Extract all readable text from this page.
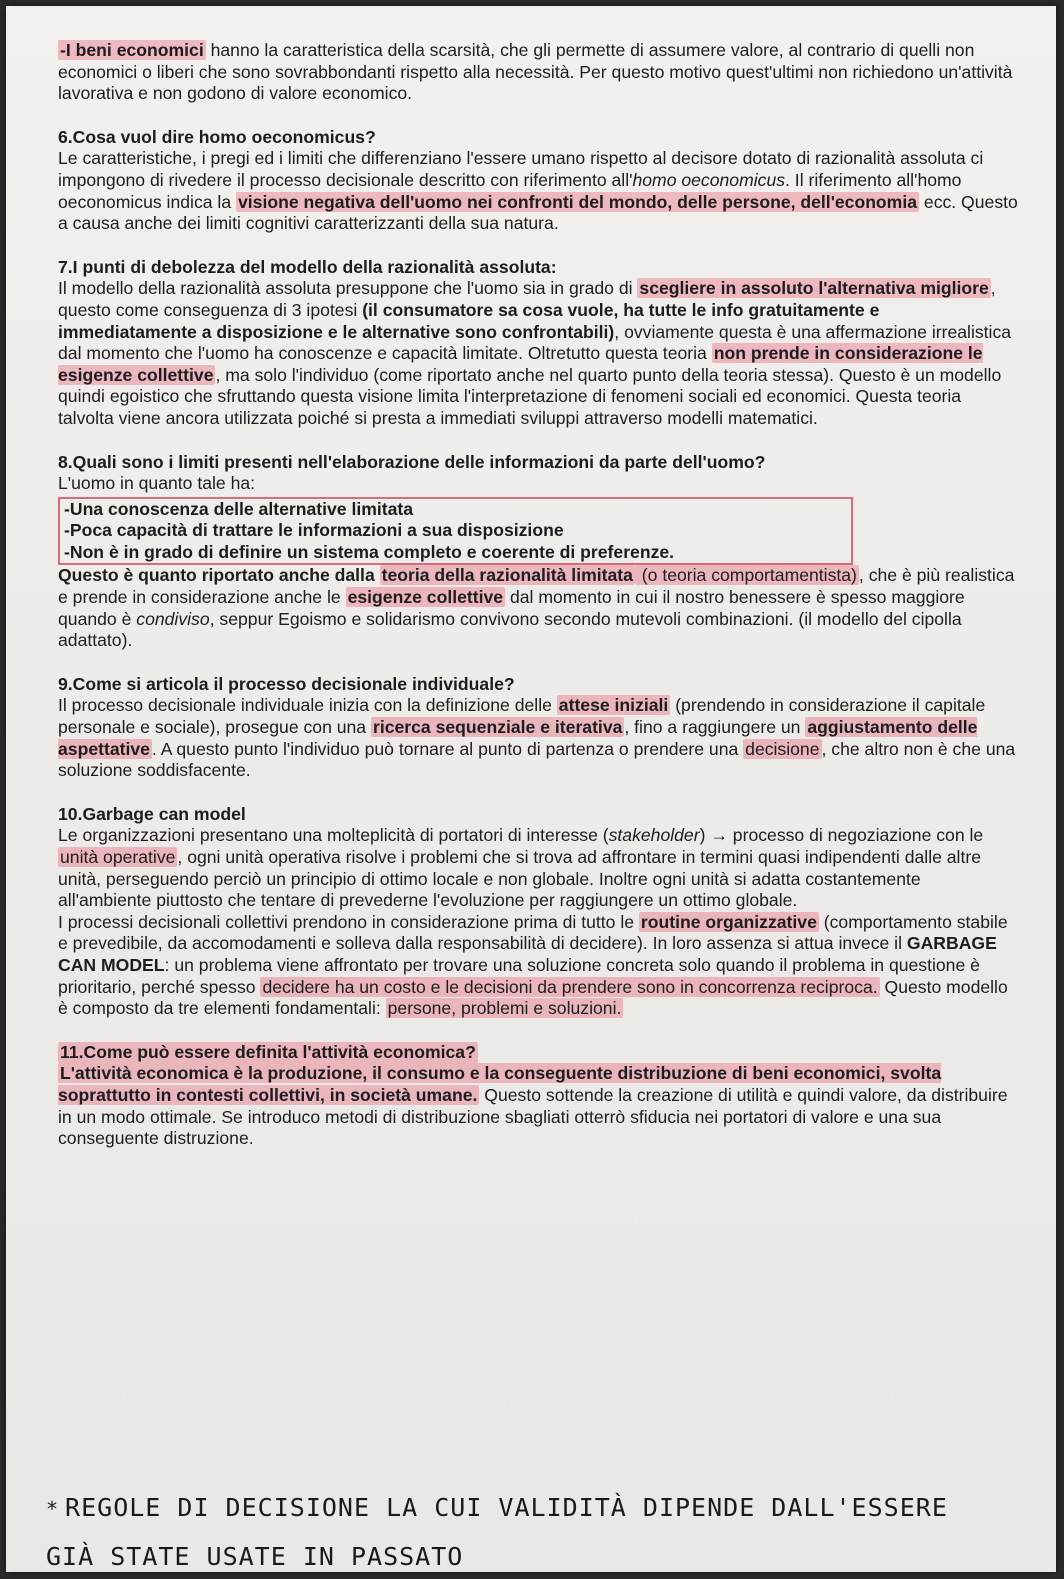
-I beni economici hanno la caratteristica della scarsità, che gli permette di assumere valore, al contrario di quelli non economici o liberi che sono sovrabbondanti rispetto alla necessità. Per questo motivo quest'ultimi non richiedono un'attività lavorativa e non godono di valore economico.

6.Cosa vuol dire homo oeconomicus?

Le caratteristiche, i pregi ed i limiti che differenziano l'essere umano rispetto al decisore dotato di razionalità assoluta ci impongono di rivedere il processo decisionale descritto con riferimento all'homo oeconomicus. Il riferimento all'homo oeconomicus indica la visione negativa dell'uomo nei confronti del mondo, delle persone, dell'economia ecc. Questo a causa anche dei limiti cognitivi caratterizzanti della sua natura.

7.I punti di debolezza del modello della razionalità assoluta:

Il modello della razionalità assoluta presuppone che l'uomo sia in grado di scegliere in assoluto l'alternativa migliore , questo come conseguenza di 3 ipotesi (il consumatore sa cosa vuole, ha tutte le info gratuitamente e immediatamente a disposizione e le alternative sono confrontabili), ovviamente questa è una affermazione irrealistica dal momento che l'uomo ha conoscenze e capacità limitate. Oltretutto questa teoria non prende in considerazione le esigenze collettive , ma solo l'individuo (come riportato anche nel quarto punto della teoria stessa). Questo è un modello quindi egoistico che sfruttando questa visione limita l'interpretazione di fenomeni sociali ed economici. Questa teoria talvolta viene ancora utilizzata poiché si presta a immediati sviluppi attraverso modelli matematici.

8.Quali sono i limiti presenti nell'elaborazione delle informazioni da parte dell'uomo?

L'uomo in quanto tale ha:

-Una conoscenza delle alternative limitata
-Poca capacità di trattare le informazioni a sua disposizione
-Non è in grado di definire un sistema completo e coerente di preferenze.

Questo è quanto riportato anche dalla teoria della razionalità limitata (o teoria comportamentista) , che è più realistica e prende in considerazione anche le esigenze collettive dal momento in cui il nostro benessere è spesso maggiore quando è condiviso, seppur Egoismo e solidarismo convivono secondo mutevoli combinazioni. (il modello del cipolla adattato).

9.Come si articola il processo decisionale individuale?

Il processo decisionale individuale inizia con la definizione delle attese iniziali (prendendo in considerazione il capitale personale e sociale), prosegue con una ricerca sequenziale e iterativa , fino a raggiungere un aggiustamento delle aspettative . A questo punto l'individuo può tornare al punto di partenza o prendere una decisione , che altro non è che una soluzione soddisfacente.

10.Garbage can model

Le organizzazioni presentano una molteplicità di portatori di interesse (stakeholder) → processo di negoziazione con le unità operative , ogni unità operativa risolve i problemi che si trova ad affrontare in termini quasi indipendenti dalle altre unità, perseguendo perciò un principio di ottimo locale e non globale. Inoltre ogni unità si adatta costantemente all'ambiente piuttosto che tentare di prevederne l'evoluzione per raggiungere un ottimo globale.

I processi decisionali collettivi prendono in considerazione prima di tutto le routine organizzative (comportamento stabile e prevedibile, da accomodamenti e solleva dalla responsabilità di decidere). In loro assenza si attua invece il GARBAGE CAN MODEL: un problema viene affrontato per trovare una soluzione concreta solo quando il problema in questione è prioritario, perché spesso decidere ha un costo e le decisioni da prendere sono in concorrenza reciproca. Questo modello è composto da tre elementi fondamentali: persone, problemi e soluzioni.

11.Come può essere definita l'attività economica?

L'attività economica è la produzione, il consumo e la conseguente distribuzione di beni economici, svolta soprattutto in contesti collettivi, in società umane. Questo sottende la creazione di utilità e quindi valore, da distribuire in un modo ottimale. Se introduco metodi di distribuzione sbagliati otterrò sfiducia nei portatori di valore e una sua conseguente distruzione.

* REGOLE DI DECISIONE LA CUI VALIDITÀ DIPENDE DALL'ESSERE
GIÀ STATE USATE IN PASSATO
